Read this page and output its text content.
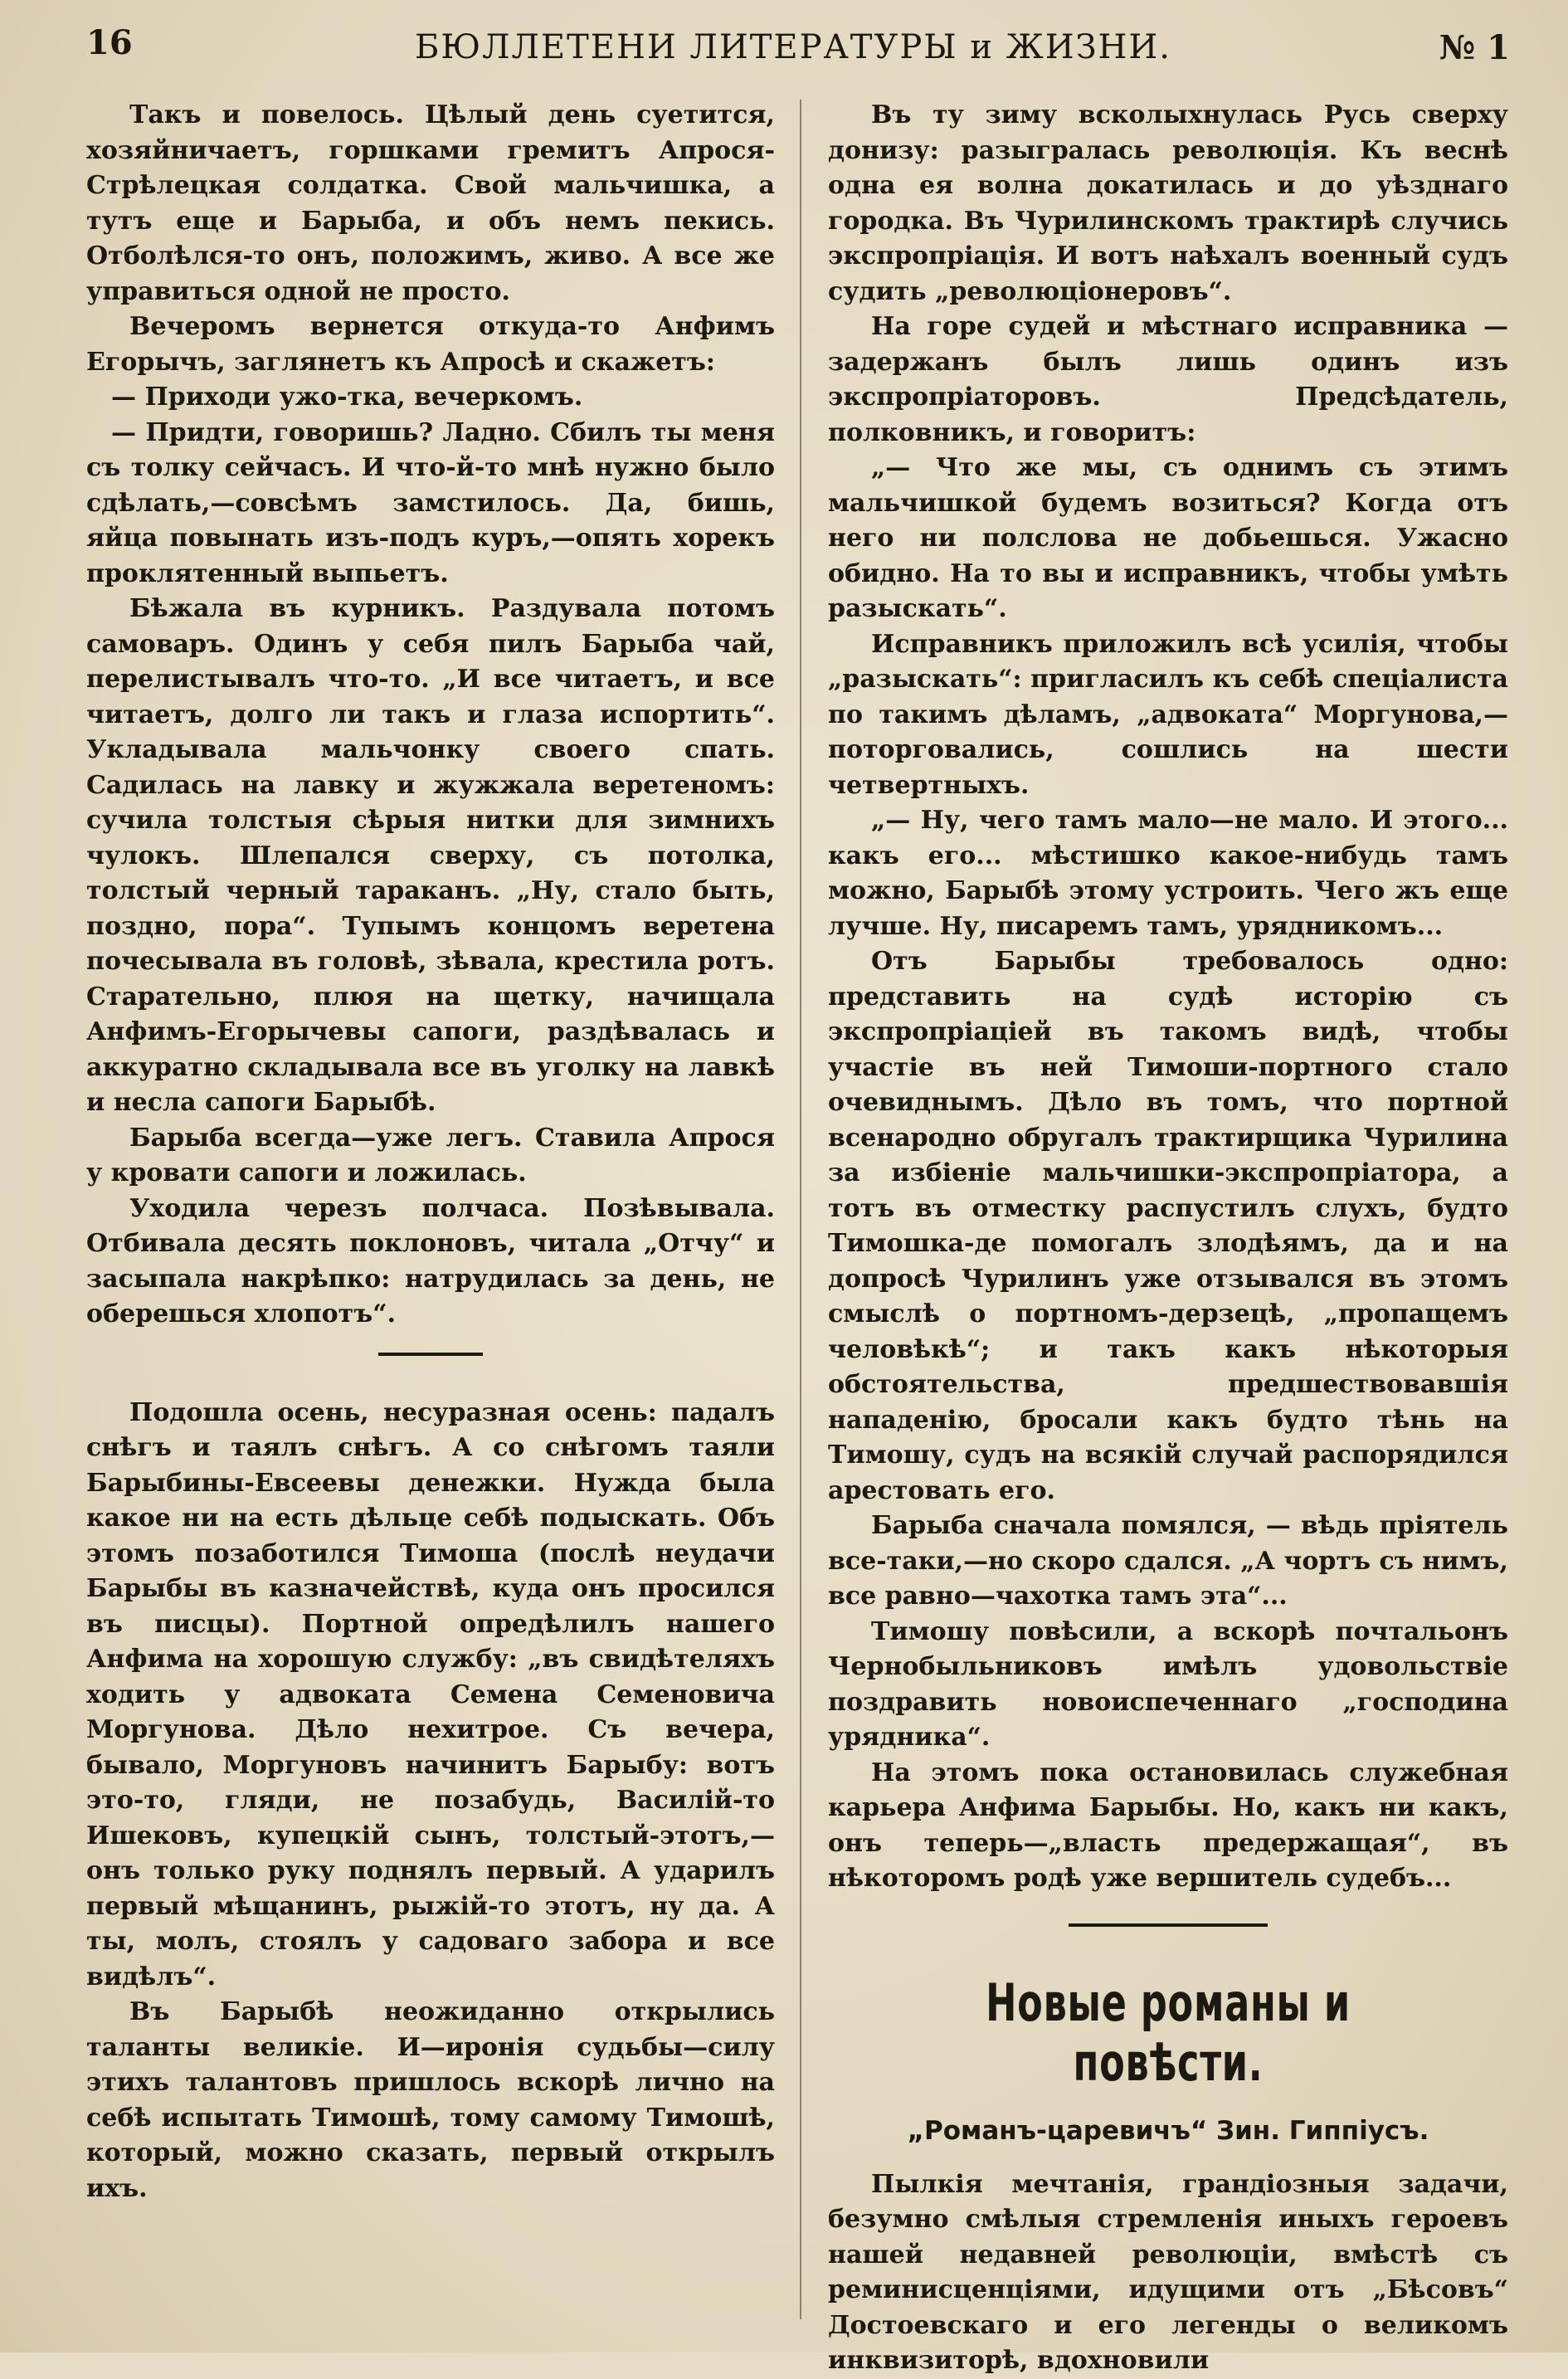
16	БЮЛЛЕТЕНИ ЛИТЕРАТУРЫ и ЖИЗНИ.	№ 1

Такъ и повелось. Цѣлый день суетится, хозяйничаетъ, горшками гремитъ Апрося-Стрѣлецкая солдатка. Свой мальчишка, а тутъ еще и Барыба, и объ немъ пекись. Отболѣлся-то онъ, положимъ, живо. А все же управиться одной не просто.

Вечеромъ вернется откуда-то Анфимъ Егорычъ, заглянетъ къ Апросѣ и скажетъ:

— Приходи ужо-тка, вечеркомъ.

— Придти, говоришь? Ладно. Сбилъ ты меня съ толку сейчасъ. И что-й-то мнѣ нужно было сдѣлать,—совсѣмъ замстилось. Да, бишь, яйца повынать изъ-подъ куръ,—опять хорекъ проклятенный выпьетъ.

Бѣжала въ курникъ. Раздувала потомъ самоваръ. Одинъ у себя пилъ Барыба чай, перелистывалъ что-то. „И все читаетъ, и все читаетъ, долго ли такъ и глаза испортить“. Укладывала мальчонку своего спать. Садилась на лавку и жужжала веретеномъ: сучила толстыя сѣрыя нитки для зимнихъ чулокъ. Шлепался сверху, съ потолка, толстый черный тараканъ. „Ну, стало быть, поздно, пора“. Тупымъ концомъ веретена почесывала въ головѣ, зѣвала, крестила ротъ. Старательно, плюя на щетку, начищала Анфимъ-Егорычевы сапоги, раздѣвалась и аккуратно складывала все въ уголку на лавкѣ и несла сапоги Барыбѣ.

Барыба всегда—уже легъ. Ставила Апрося у кровати сапоги и ложилась.

Уходила черезъ полчаса. Позѣвывала. Отбивала десять поклоновъ, читала „Отчу“ и засыпала накрѣпко: натрудилась за день, не оберешься хлопотъ“.

Подошла осень, несуразная осень: падалъ снѣгъ и таялъ снѣгъ. А со снѣгомъ таяли Барыбины-Евсеевы денежки. Нужда была какое ни на есть дѣльце себѣ подыскать. Объ этомъ позаботился Тимоша (послѣ неудачи Барыбы въ казначействѣ, куда онъ просился въ писцы). Портной опредѣлилъ нашего Анфима на хорошую службу: „въ свидѣтеляхъ ходить у адвоката Семена Семеновича Моргунова. Дѣло нехитрое. Съ вечера, бывало, Моргуновъ начинитъ Барыбу: вотъ это-то, гляди, не позабудь, Василій-то Ишековъ, купецкій сынъ, толстый-этотъ,—онъ только руку поднялъ первый. А ударилъ первый мѣщанинъ, рыжій-то этотъ, ну да. А ты, молъ, стоялъ у садоваго забора и все видѣлъ“.

Въ Барыбѣ неожиданно открылись таланты великіе. И—иронія судьбы—силу этихъ талантовъ пришлось вскорѣ лично на себѣ испытать Тимошѣ, тому самому Тимошѣ, который, можно сказать, первый открылъ ихъ.

Въ ту зиму всколыхнулась Русь сверху донизу: разыгралась революція. Къ веснѣ одна ея волна докатилась и до уѣзднаго городка. Въ Чурилинскомъ трактирѣ случись экспропріація. И вотъ наѣхалъ военный судъ судить „революціонеровъ“.

На горе судей и мѣстнаго исправника — задержанъ былъ лишь одинъ изъ экспропріаторовъ. Предсѣдатель, полковникъ, и говоритъ:

„— Что же мы, съ однимъ съ этимъ мальчишкой будемъ возиться? Когда отъ него ни полслова не добьешься. Ужасно обидно. На то вы и исправникъ, чтобы умѣть разыскать“.

Исправникъ приложилъ всѣ усилія, чтобы „разыскать“: пригласилъ къ себѣ спеціалиста по такимъ дѣламъ, „адвоката“ Моргунова,— поторговались, сошлись на шести четвертныхъ.

„— Ну, чего тамъ мало—не мало. И этого... какъ его... мѣстишко какое-нибудь тамъ можно, Барыбѣ этому устроить. Чего жъ еще лучше. Ну, писаремъ тамъ, урядникомъ...

Отъ Барыбы требовалось одно: представить на судѣ исторію съ экспропріаціей въ такомъ видѣ, чтобы участіе въ ней Тимоши-портного стало очевиднымъ. Дѣло въ томъ, что портной всенародно обругалъ трактирщика Чурилина за избіеніе мальчишки-экспропріатора, а тотъ въ отместку распустилъ слухъ, будто Тимошка-де помогалъ злодѣямъ, да и на допросѣ Чурилинъ уже отзывался въ этомъ смыслѣ о портномъ-дерзецѣ, „пропащемъ человѣкѣ“; и такъ какъ нѣкоторыя обстоятельства, предшествовавшія нападенію, бросали какъ будто тѣнь на Тимошу, судъ на всякій случай распорядился арестовать его.

Барыба сначала помялся, — вѣдь пріятель все-таки,—но скоро сдался. „А чортъ съ нимъ, все равно—чахотка тамъ эта“...

Тимошу повѣсили, а вскорѣ почтальонъ Чернобыльниковъ имѣлъ удовольствіе поздравить новоиспеченнаго „господина урядника“.

На этомъ пока остановилась служебная карьера Анфима Барыбы. Но, какъ ни какъ, онъ теперь—„власть предержащая“, въ нѣкоторомъ родѣ уже вершитель судебъ...

Новые романы и повѣсти.
„Романъ-царевичъ“ Зин. Гиппіусъ.

Пылкія мечтанія, грандіозныя задачи, безумно смѣлыя стремленія иныхъ героевъ нашей недавней революціи, вмѣстѣ съ реминисценціями, идущими отъ „Бѣсовъ“ Достоевскаго и его легенды о великомъ инквизиторѣ, вдохновили
